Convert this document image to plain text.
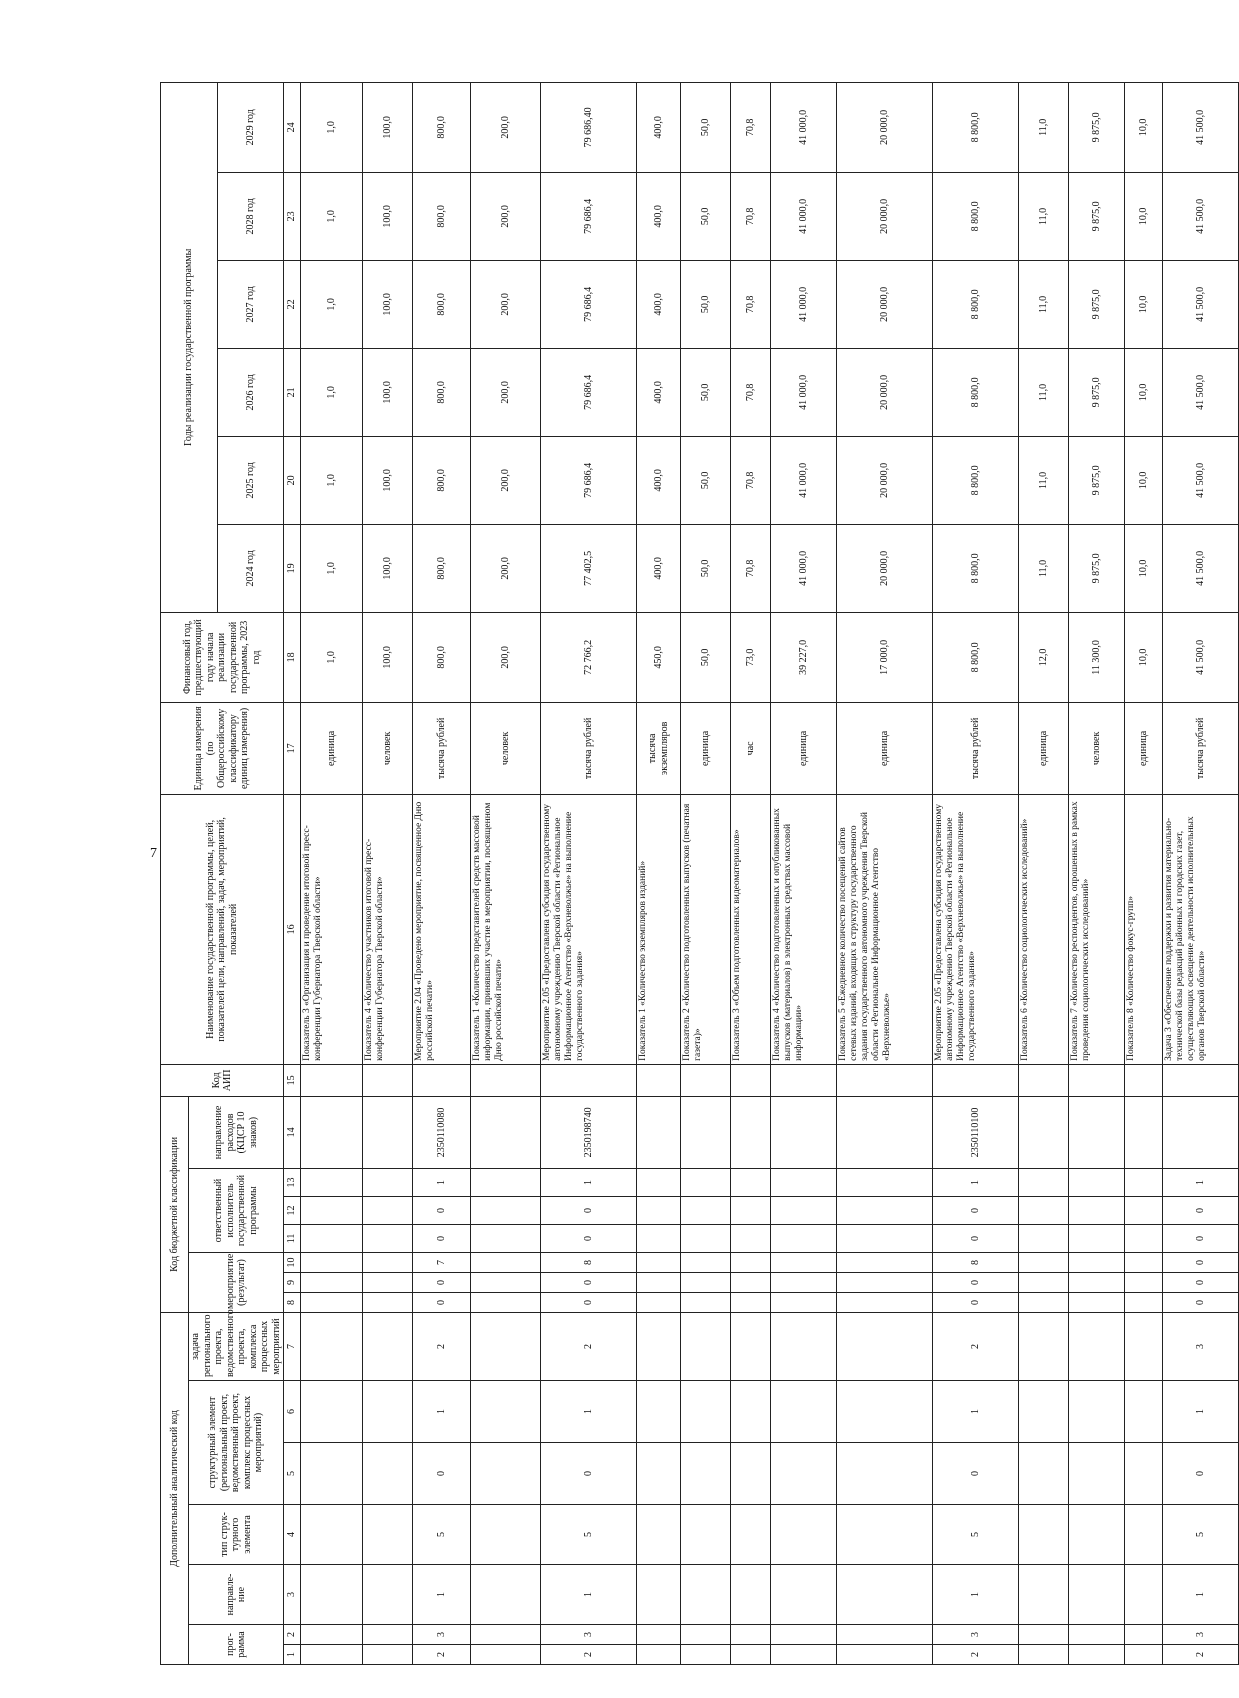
7
Дополнительный аналитический код							Код бюджетной классификации							Код АИП	Наименование государственной программы, целей, показателей цели, направлений, задач, мероприятий, показателей	Единица измерения (по Общероссийскому классификатору единиц измерения)	Финансовый год, предшествующий году начала реализации государственной программы, 2023 год	Годы реализации государственной программы					
прог-рамма		направле-ние	тип струк-турного элемента	структурный элемент (региональный проект, ведомственный проект, комплекс процессных мероприятий)		задача регионального проекта, ведомственного проекта, комплекса процессных мероприятий	мероприятие (результат)			ответственный исполнитель государственной программы			направление расходов (КЦСР 10 знаков)										
																		2024 год	2025 год	2026 год	2027 год	2028 год	2029 год
1	2	3	4	5	6	7	8	9	10	11	12	13	14	15	16	17	18	19	20	21	22	23	24
															Показатель 3 «Организация и проведение итоговой пресс-конференции Губернатора Тверской области»	единица	1,0	1,0	1,0	1,0	1,0	1,0	1,0
															Показатель 4 «Количество участников итоговой пресс-конференции Губернатора Тверской области»	человек	100,0	100,0	100,0	100,0	100,0	100,0	100,0
2	3	1	5	0	1	2	0	0	7	0	0	1	2350110080		Мероприятие 2.04 «Проведено мероприятие, посвященное Дню российской печати»	тысяча рублей	800,0	800,0	800,0	800,0	800,0	800,0	800,0
															Показатель 1 «Количество представителей средств массовой информации, принявших участие в мероприятии, посвященном Дню российской печати»	человек	200,0	200,0	200,0	200,0	200,0	200,0	200,0
2	3	1	5	0	1	2	0	0	8	0	0	1	2350198740		Мероприятие 2.05 «Предоставлена субсидия государственному автономному учреждению Тверской области «Региональное Информационное Агентство «Верхневолжье» на выполнение государственного задания»	тысяча рублей	72 766,2	77 402,5	79 686,4	79 686,4	79 686,4	79 686,4	79 686,40
															Показатель 1 «Количество экземпляров изданий»	тысяча экземпляров	450,0	400,0	400,0	400,0	400,0	400,0	400,0
															Показатель 2 «Количество подготовленных выпусков (печатная газета)»	единица	50,0	50,0	50,0	50,0	50,0	50,0	50,0
															Показатель 3 «Объем подготовленных видеоматериалов»	час	73,0	70,8	70,8	70,8	70,8	70,8	70,8
															Показатель 4 «Количество подготовленных и опубликованных выпусков (материалов) в электронных средствах массовой информации»	единица	39 227,0	41 000,0	41 000,0	41 000,0	41 000,0	41 000,0	41 000,0
															Показатель 5 «Ежедневное количество посещений сайтов сетевых изданий, входящих в структуру государственного задания государственного автономного учреждения Тверской области «Региональное Информационное Агентство «Верхневолжье»	единица	17 000,0	20 000,0	20 000,0	20 000,0	20 000,0	20 000,0	20 000,0
2	3	1	5	0	1	2	0	0	8	0	0	1	2350110100		Мероприятие 2.05 «Предоставлена субсидия государственному автономному учреждению Тверской области «Региональное Информационное Агентство «Верхневолжье» на выполнение государственного задания»	тысяча рублей	8 800,0	8 800,0	8 800,0	8 800,0	8 800,0	8 800,0	8 800,0
															Показатель 6 «Количество социологических исследований»	единица	12,0	11,0	11,0	11,0	11,0	11,0	11,0
															Показатель 7 «Количество респондентов, опрошенных в рамках проведения социологических исследований»	человек	11 300,0	9 875,0	9 875,0	9 875,0	9 875,0	9 875,0	9 875,0
															Показатель 8 «Количество фокус-групп»	единица	10,0	10,0	10,0	10,0	10,0	10,0	10,0
2	3	1	5	0	1	3	0	0	0	0	0	1			Задача 3 «Обеспечение поддержки и развития материально-технической базы редакций районных и городских газет, осуществляющих освещение деятельности исполнительных органов Тверской области»	тысяча рублей	41 500,0	41 500,0	41 500,0	41 500,0	41 500,0	41 500,0	41 500,0
